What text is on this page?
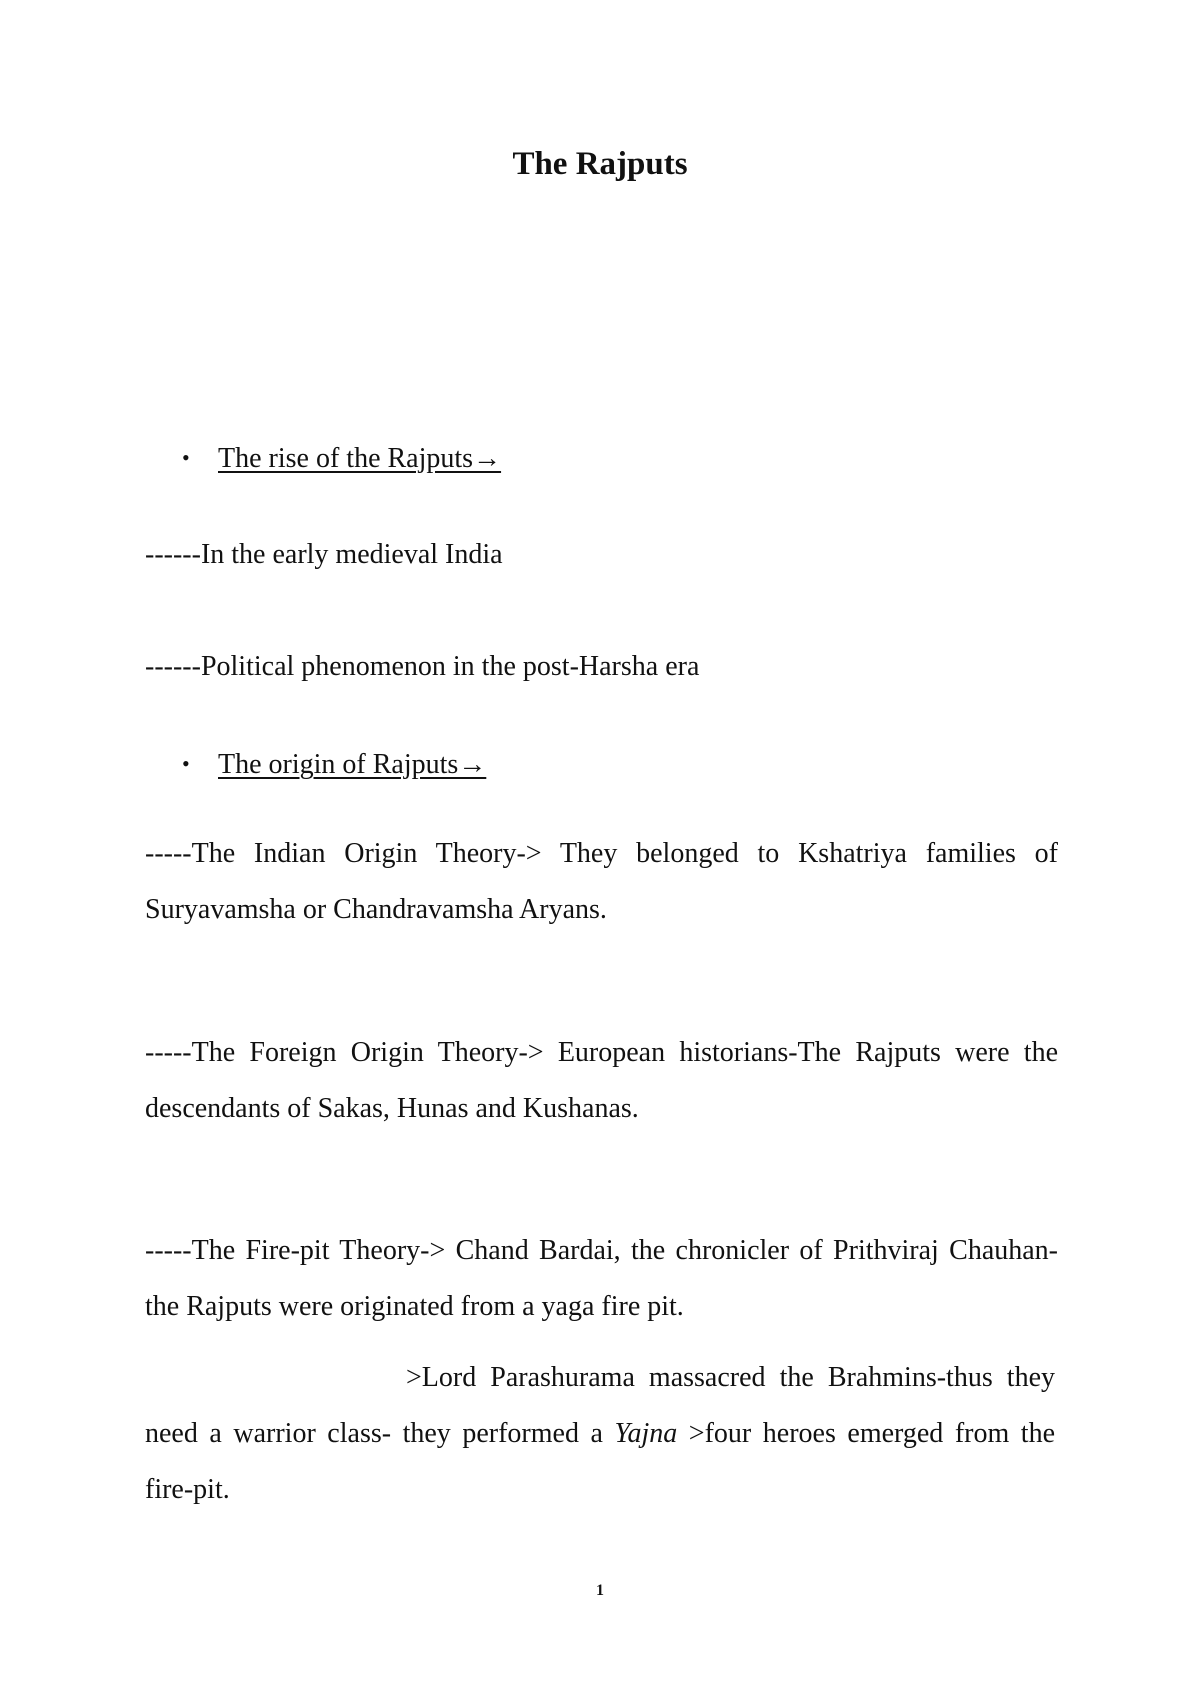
The Rajputs
• The rise of the Rajputs→
------In the early medieval India
------Political phenomenon in the post-Harsha era
• The origin of Rajputs→

-----The Indian Origin Theory-> They belonged to Kshatriya families of Suryavamsha or Chandravamsha Aryans.

-----The Foreign Origin Theory-> European historians-The Rajputs were the descendants of Sakas, Hunas and Kushanas.

-----The Fire-pit Theory-> Chand Bardai, the chronicler of Prithviraj Chauhan- the Rajputs were originated from a yaga fire pit.

>Lord Parashurama massacred the Brahmins-thus they need a warrior class- they performed a Yajna >four heroes emerged from the fire-pit.

1
